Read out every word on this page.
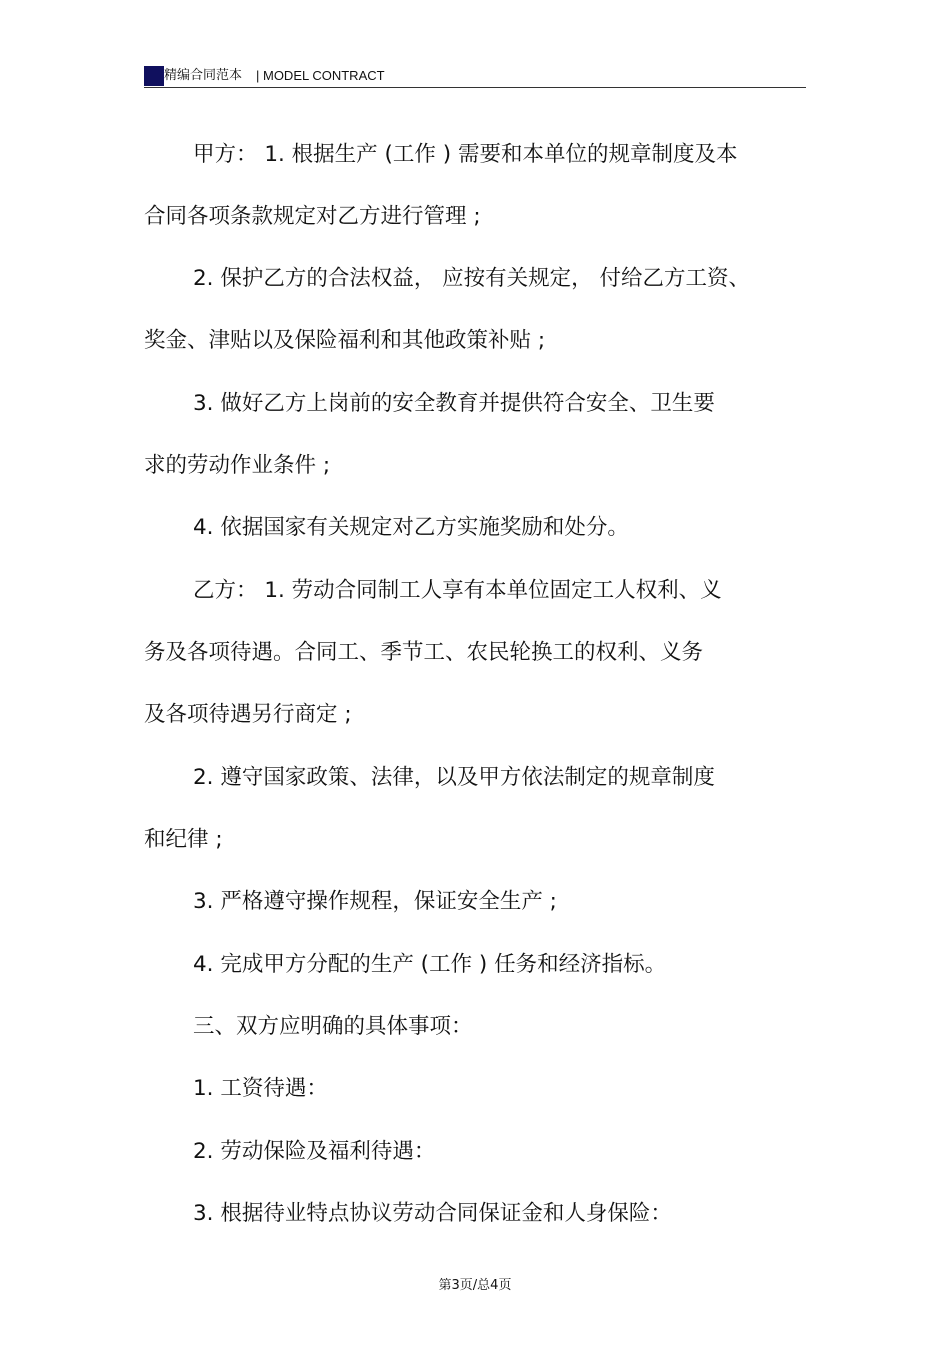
精编合同范本 | MODEL CONTRACT
甲方： 1. 根据生产 (工作 ) 需要和本单位的规章制度及本
合同各项条款规定对乙方进行管理 ;
2. 保护乙方的合法权益， 应按有关规定， 付给乙方工资、
奖金、津贴以及保险福利和其他政策补贴 ;
3. 做好乙方上岗前的安全教育并提供符合安全、卫生要
求的劳动作业条件 ;
4. 依据国家有关规定对乙方实施奖励和处分。
乙方： 1. 劳动合同制工人享有本单位固定工人权利、义
务及各项待遇。合同工、季节工、农民轮换工的权利、义务
及各项待遇另行商定 ;
2. 遵守国家政策、法律，以及甲方依法制定的规章制度
和纪律 ;
3. 严格遵守操作规程，保证安全生产 ;
4. 完成甲方分配的生产 (工作 ) 任务和经济指标。
三、双方应明确的具体事项：
1. 工资待遇：
2. 劳动保险及福利待遇：
3. 根据待业特点协议劳动合同保证金和人身保险：
第3页/总4页
